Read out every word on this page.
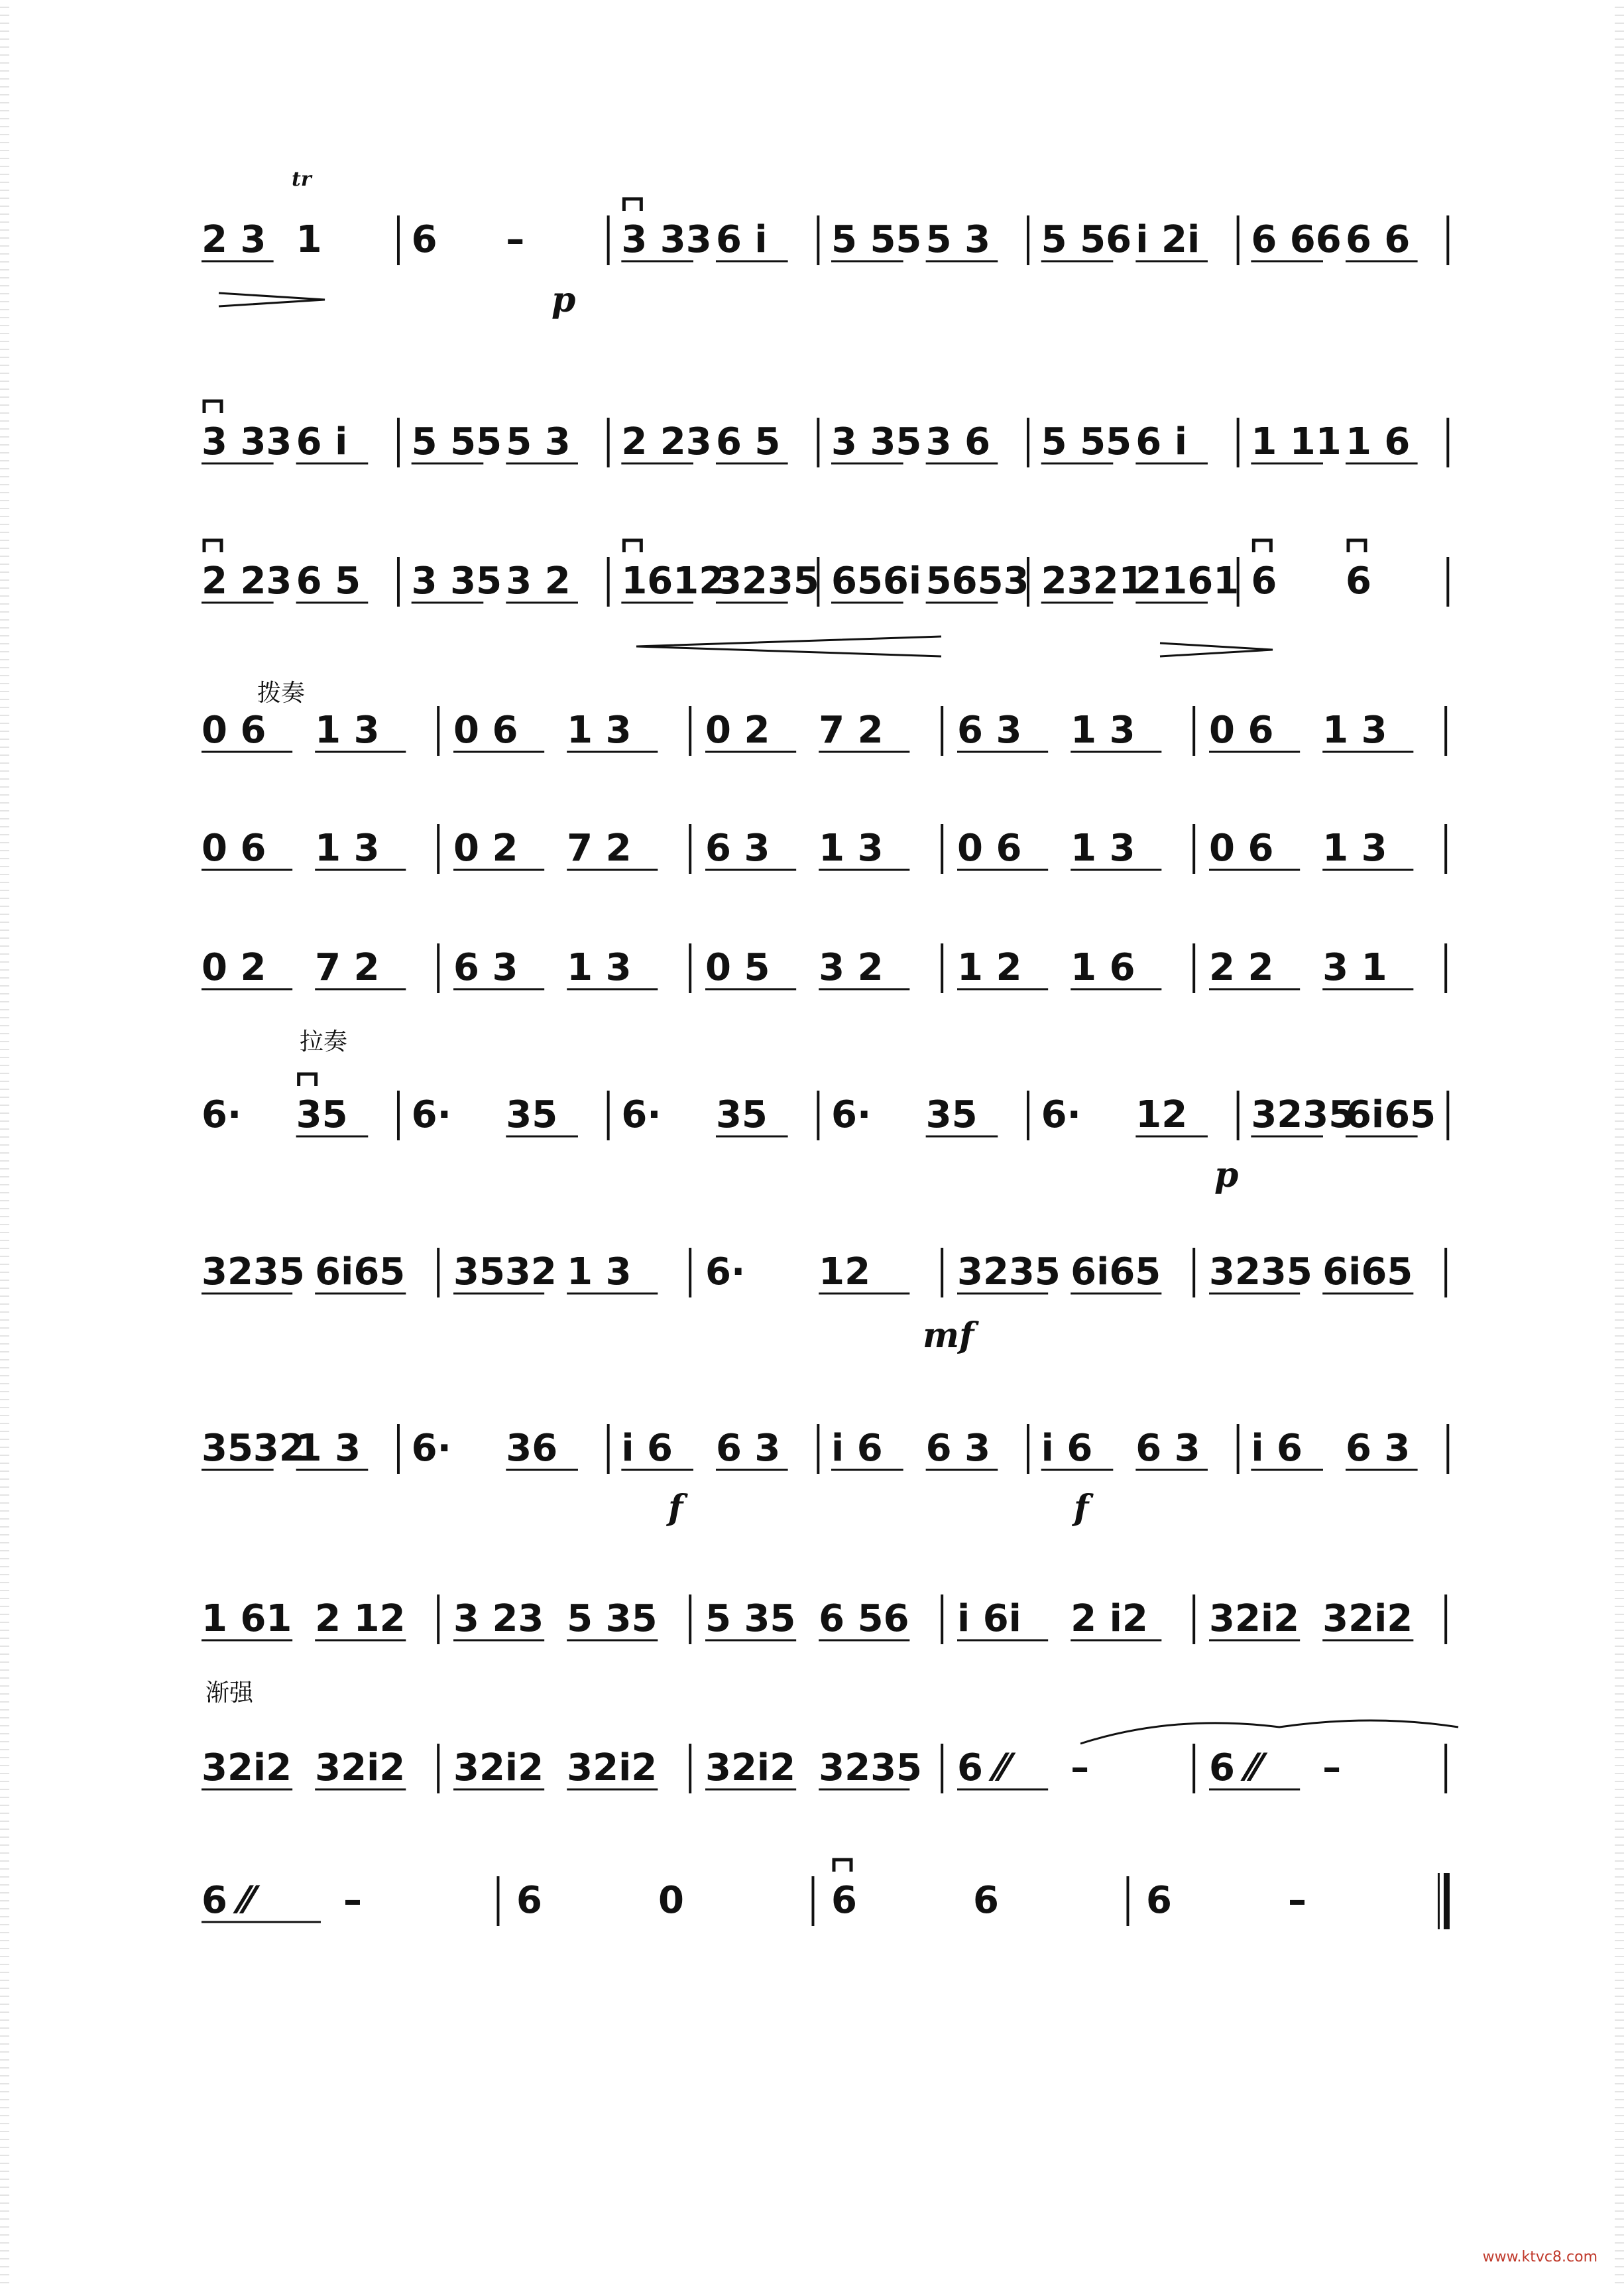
2 3 1 6 –	3 33 6 i 5 55 5 3 5 56 i 2i 6 66 6 6
3 33 6 i 5 55 5 3 2 23 6 5 3 35 3 6 5 55 6 i 1 11 1 6
2 23 6 5 3 35 3 2 1612
3235 656i 5653 2321
2161 6 6
0 6 1 3 0 6 1 3 0 2 7 2 6 3 1 3 0 6 1 3
0 6 1 3 0 2 7 2 6 3 1 3 0 6 1 3 0 6 1 3
0 2 7 2 6 3 1 3 0 5 3 2 1 2 1 6 2 2 3 1
6· 35 6· 35 6· 35 6· 35 6· 12 3235
6i65
3235 6i65 3532 1 3 6· 12 3235 6i65 3235 6i65
3532
1 3 6· 36 i 6 6 3 i 6 6 3 i 6 6 3 i 6 6 3
1 61 2 12 3 23 5 35 5 35 6 56 i 6i 2 i2 32i2 32i2
32i2 32i2 32i2 32i2 32i2 3235 6 ⁄⁄ –	6 ⁄⁄ –
6 ⁄⁄ –	6	0	6	6	6	–
tr
p
拨奏
拉奏
p
mf
f	f
渐强
www.ktvc8.com
